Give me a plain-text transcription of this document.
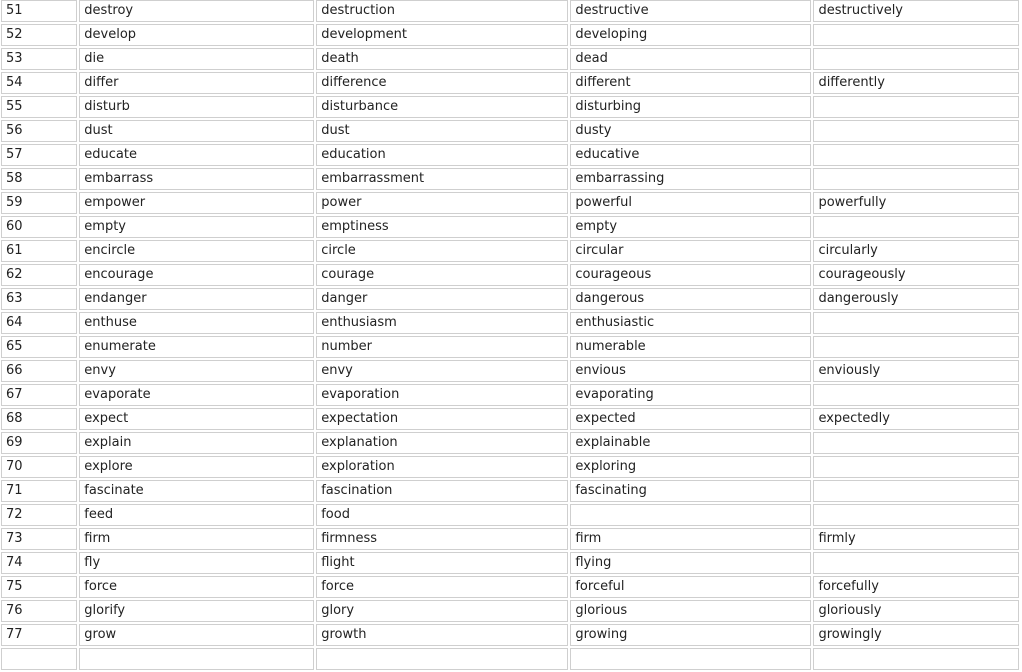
51	destroy	destruction	destructive	destructively
52	develop	development	developing	
53	die	death	dead	
54	differ	difference	different	differently
55	disturb	disturbance	disturbing	
56	dust	dust	dusty	
57	educate	education	educative	
58	embarrass	embarrassment	embarrassing	
59	empower	power	powerful	powerfully
60	empty	emptiness	empty	
61	encircle	circle	circular	circularly
62	encourage	courage	courageous	courageously
63	endanger	danger	dangerous	dangerously
64	enthuse	enthusiasm	enthusiastic	
65	enumerate	number	numerable	
66	envy	envy	envious	enviously
67	evaporate	evaporation	evaporating	
68	expect	expectation	expected	expectedly
69	explain	explanation	explainable	
70	explore	exploration	exploring	
71	fascinate	fascination	fascinating	
72	feed	food		
73	firm	firmness	firm	firmly
74	fly	flight	flying	
75	force	force	forceful	forcefully
76	glorify	glory	glorious	gloriously
77	grow	growth	growing	growingly
